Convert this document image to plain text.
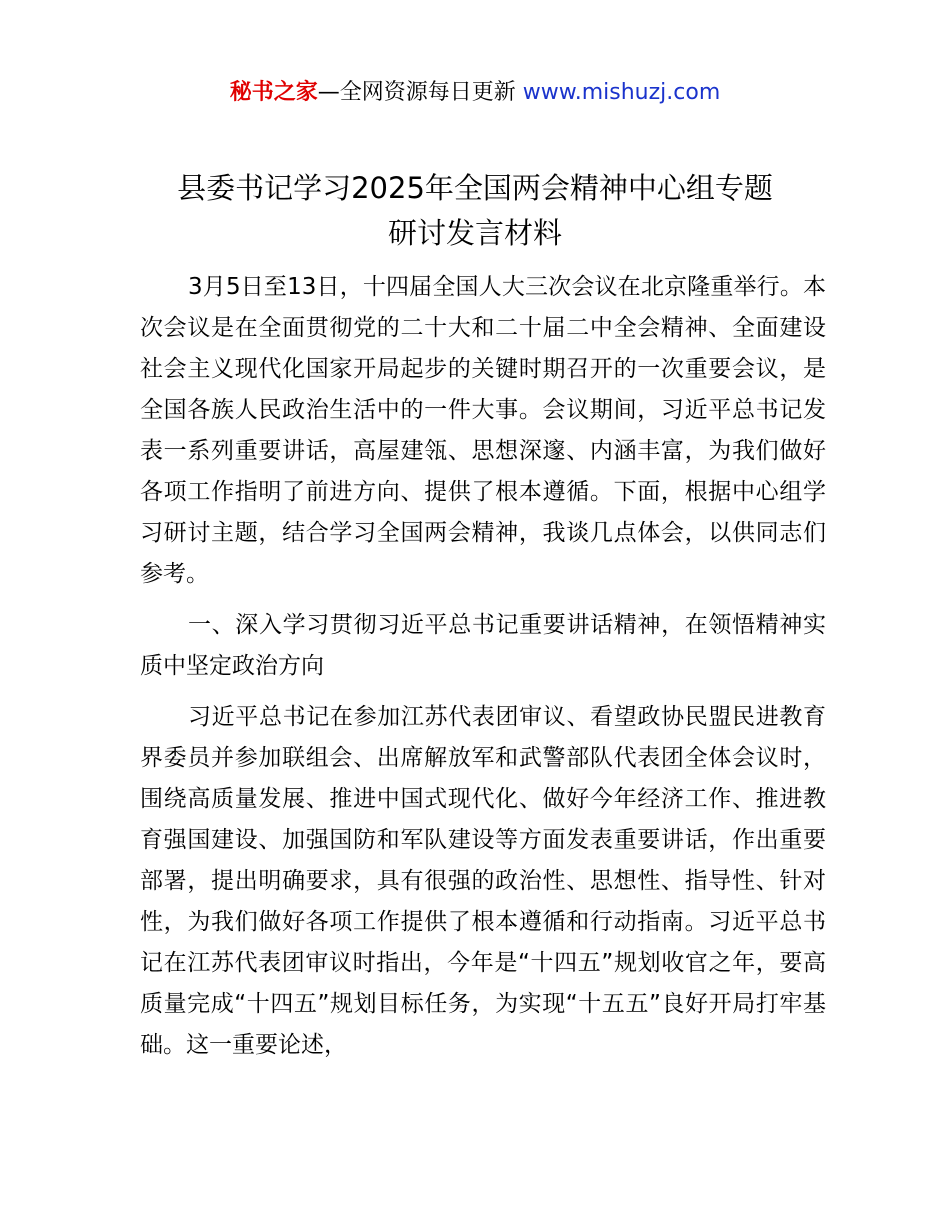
秘书之家—全网资源每日更新 www.mishuzj.com
县委书记学习2025年全国两会精神中心组专题
研讨发言材料

3月5日至13日，十四届全国人大三次会议在北京隆重举行。本次会议是在全面贯彻党的二十大和二十届二中全会精神、全面建设社会主义现代化国家开局起步的关键时期召开的一次重要会议，是全国各族人民政治生活中的一件大事。会议期间，习近平总书记发表一系列重要讲话，高屋建瓴、思想深邃、内涵丰富，为我们做好各项工作指明了前进方向、提供了根本遵循。下面，根据中心组学习研讨主题，结合学习全国两会精神，我谈几点体会，以供同志们参考。

一、深入学习贯彻习近平总书记重要讲话精神，在领悟精神实质中坚定政治方向

习近平总书记在参加江苏代表团审议、看望政协民盟民进教育界委员并参加联组会、出席解放军和武警部队代表团全体会议时，围绕高质量发展、推进中国式现代化、做好今年经济工作、推进教育强国建设、加强国防和军队建设等方面发表重要讲话，作出重要部署，提出明确要求，具有很强的政治性、思想性、指导性、针对性，为我们做好各项工作提供了根本遵循和行动指南。习近平总书记在江苏代表团审议时指出，今年是“十四五”规划收官之年，要高质量完成“十四五”规划目标任务，为实现“十五五”良好开局打牢基础。这一重要论述，
